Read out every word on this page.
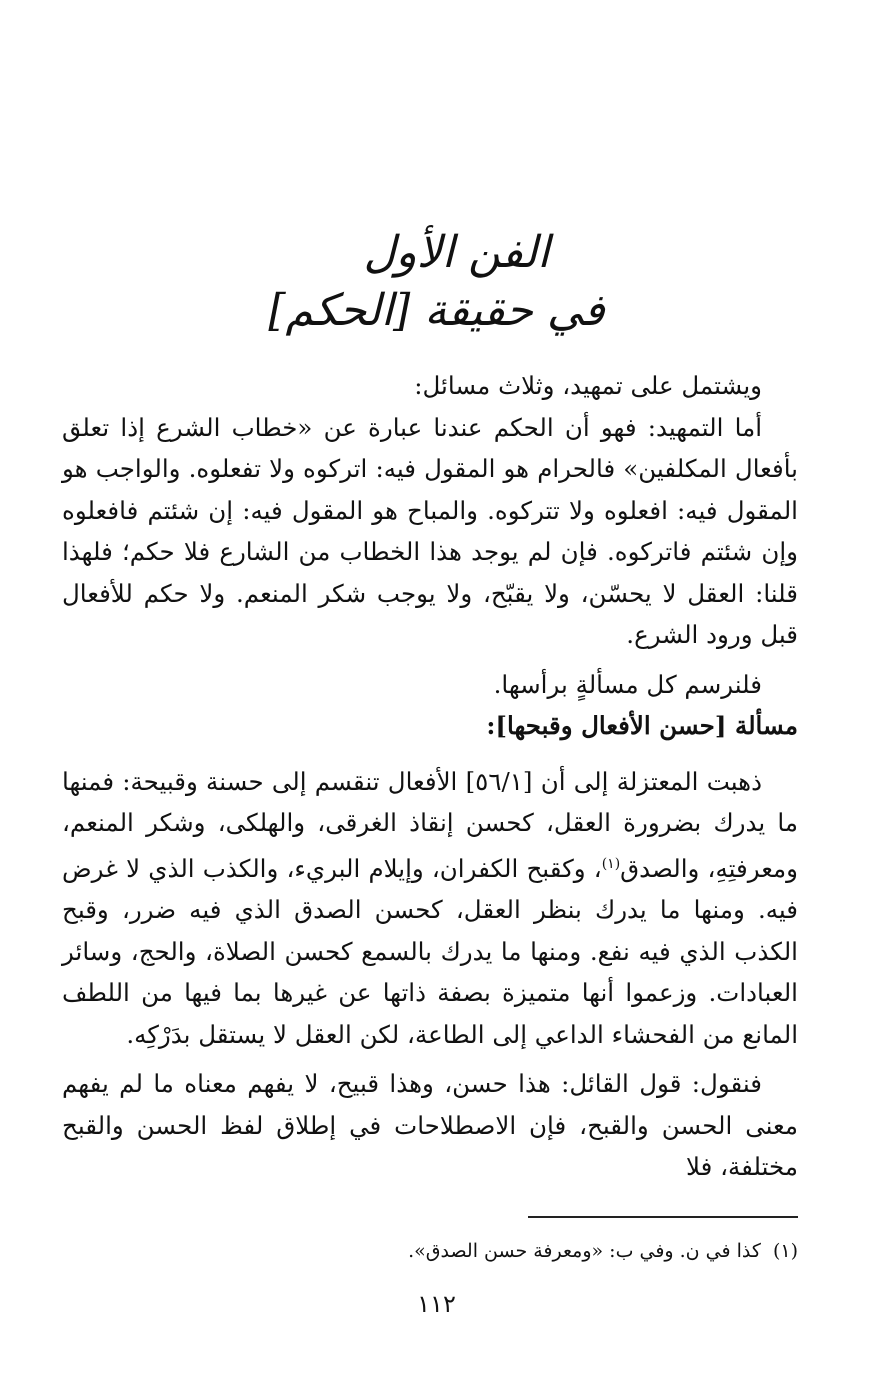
الفن الأول
في حقيقة [الحكم]

ويشتمل على تمهيد، وثلاث مسائل:

أما التمهيد: فهو أن الحكم عندنا عبارة عن «خطاب الشرع إذا تعلق بأفعال المكلفين» فالحرام هو المقول فيه: اتركوه ولا تفعلوه. والواجب هو المقول فيه: افعلوه ولا تتركوه. والمباح هو المقول فيه: إن شئتم فافعلوه وإن شئتم فاتركوه. فإن لم يوجد هذا الخطاب من الشارع فلا حكم؛ فلهذا قلنا: العقل لا يحسّن، ولا يقبّح، ولا يوجب شكر المنعم. ولا حكم للأفعال قبل ورود الشرع.

فلنرسم كل مسألةٍ برأسها.

مسألة [حسن الأفعال وقبحها]:

ذهبت المعتزلة إلى أن [٥٦/١] الأفعال تنقسم إلى حسنة وقبيحة: فمنها ما يدرك بضرورة العقل، كحسن إنقاذ الغرقى، والهلكى، وشكر المنعم، ومعرفتِهِ، والصدق$^{(١)}$، وكقبح الكفران، وإيلام البريء، والكذب الذي لا غرض فيه. ومنها ما يدرك بنظر العقل، كحسن الصدق الذي فيه ضرر، وقبح الكذب الذي فيه نفع. ومنها ما يدرك بالسمع كحسن الصلاة، والحج، وسائر العبادات. وزعموا أنها متميزة بصفة ذاتها عن غيرها بما فيها من اللطف المانع من الفحشاء الداعي إلى الطاعة، لكن العقل لا يستقل بدَرْكِه.

فنقول: قول القائل: هذا حسن، وهذا قبيح، لا يفهم معناه ما لم يفهم معنى الحسن والقبح، فإن الاصطلاحات في إطلاق لفظ الحسن والقبح مختلفة، فلا

(١)كذا في ن. وفي ب: «ومعرفة حسن الصدق».
١١٢
